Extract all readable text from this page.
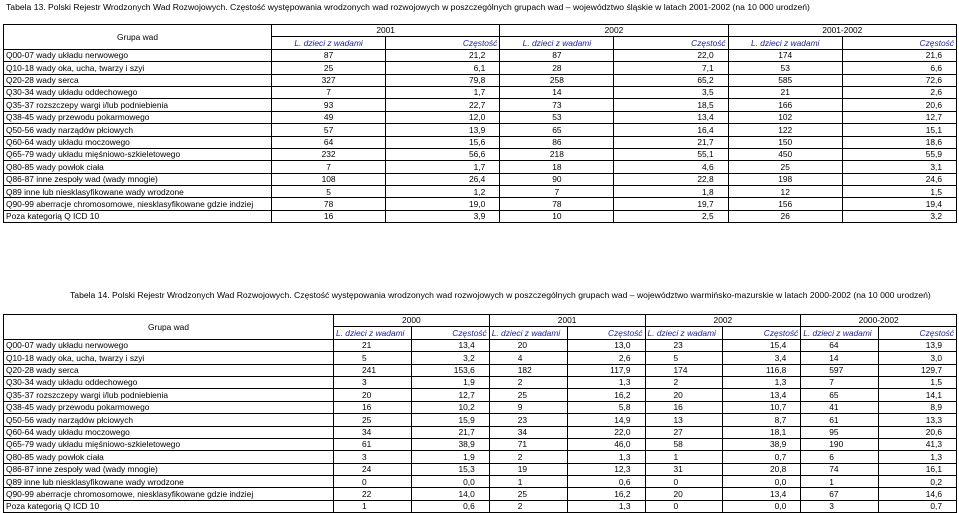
Tabela 13. Polski Rejestr Wrodzonych Wad Rozwojowych. Częstość występowania wrodzonych wad rozwojowych w poszczególnych grupach wad – województwo śląskie w latach 2001-2002 (na 10 000 urodzeń)
Grupa wad	2001		2002		2001-2002	
	L. dzieci z wadami	Częstość	L. dzieci z wadami	Częstość	L. dzieci z wadami	Częstość
Q00-07 wady układu nerwowego	87	21,2	87	22,0	174	21,6
Q10-18 wady oka, ucha, twarzy i szyi	25	6,1	28	7,1	53	6,6
Q20-28 wady serca	327	79,8	258	65,2	585	72,6
Q30-34 wady układu oddechowego	7	1,7	14	3,5	21	2,6
Q35-37 rozszczepy wargi i/lub podniebienia	93	22,7	73	18,5	166	20,6
Q38-45 wady przewodu pokarmowego	49	12,0	53	13,4	102	12,7
Q50-56 wady narządów płciowych	57	13,9	65	16,4	122	15,1
Q60-64 wady układu moczowego	64	15,6	86	21,7	150	18,6
Q65-79 wady układu mięśniowo-szkieletowego	232	56,6	218	55,1	450	55,9
Q80-85 wady powłok ciała	7	1,7	18	4,6	25	3,1
Q86-87 inne zespoły wad (wady mnogie)	108	26,4	90	22,8	198	24,6
Q89 inne lub niesklasyfikowane wady wrodzone	5	1,2	7	1,8	12	1,5
Q90-99 aberracje chromosomowe, niesklasyfikowane gdzie indziej	78	19,0	78	19,7	156	19,4
Poza kategorią Q ICD 10	16	3,9	10	2,5	26	3,2
Tabela 14. Polski Rejestr Wrodzonych Wad Rozwojowych. Częstość występowania wrodzonych wad rozwojowych w poszczególnych grupach wad – województwo warmińsko-mazurskie w latach 2000-2002 (na 10 000 urodzeń)
Grupa wad	2000		2001		2002		2000-2002	
	L. dzieci z wadami	Częstość	L. dzieci z wadami	Częstość	L. dzieci z wadami	Częstość	L. dzieci z wadami	Częstość
Q00-07 wady układu nerwowego	21	13,4	20	13,0	23	15,4	64	13,9
Q10-18 wady oka, ucha, twarzy i szyi	5	3,2	4	2,6	5	3,4	14	3,0
Q20-28 wady serca	241	153,6	182	117,9	174	116,8	597	129,7
Q30-34 wady układu oddechowego	3	1,9	2	1,3	2	1,3	7	1,5
Q35-37 rozszczepy wargi i/lub podniebienia	20	12,7	25	16,2	20	13,4	65	14,1
Q38-45 wady przewodu pokarmowego	16	10,2	9	5,8	16	10,7	41	8,9
Q50-56 wady narządów płciowych	25	15,9	23	14,9	13	8,7	61	13,3
Q60-64 wady układu moczowego	34	21,7	34	22,0	27	18,1	95	20,6
Q65-79 wady układu mięśniowo-szkieletowego	61	38,9	71	46,0	58	38,9	190	41,3
Q80-85 wady powłok ciała	3	1,9	2	1,3	1	0,7	6	1,3
Q86-87 inne zespoły wad (wady mnogie)	24	15,3	19	12,3	31	20,8	74	16,1
Q89 inne lub niesklasyfikowane wady wrodzone	0	0,0	1	0,6	0	0,0	1	0,2
Q90-99 aberracje chromosomowe, niesklasyfikowane gdzie indziej	22	14,0	25	16,2	20	13,4	67	14,6
Poza kategorią Q ICD 10	1	0,6	2	1,3	0	0,0	3	0,7
